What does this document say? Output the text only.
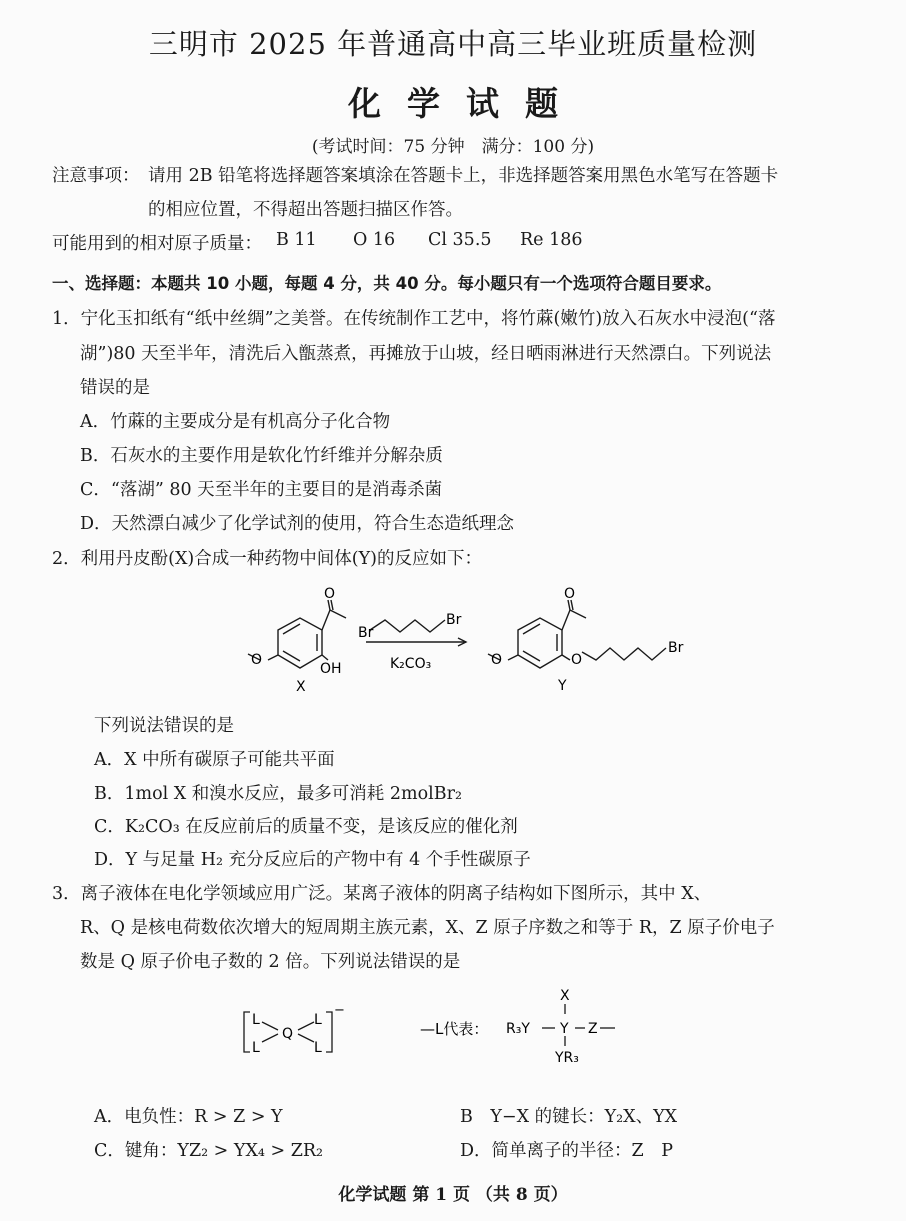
三明市 2025 年普通高中高三毕业班质量检测
化学试题
(考试时间：75 分钟　满分：100 分)
注意事项： 请用 2B 铅笔将选择题答案填涂在答题卡上，非选择题答案用黑色水笔写在答题卡
的相应位置，不得超出答题扫描区作答。
可能用到的相对原子质量： B 11 O 16 Cl 35.5 Re 186
一、选择题：本题共 10 小题，每题 4 分，共 40 分。每小题只有一个选项符合题目要求。
1．宁化玉扣纸有“纸中丝绸”之美誉。在传统制作工艺中，将竹蔴(嫩竹)放入石灰水中浸泡(“落
湖”)80 天至半年，清洗后入甑蒸煮，再摊放于山坡，经日晒雨淋进行天然漂白。下列说法
错误的是
A．竹蔴的主要成分是有机高分子化合物
B．石灰水的主要作用是软化竹纤维并分解杂质
C．“落湖” 80 天至半年的主要目的是消毒杀菌
D．天然漂白减少了化学试剂的使用，符合生态造纸理念
2．利用丹皮酚(X)合成一种药物中间体(Y)的反应如下：
O
O
OH
X
Br
Br
K₂CO₃
O
O	O
Br
Y
下列说法错误的是
A．X 中所有碳原子可能共平面
B．1mol X 和溴水反应，最多可消耗 2molBr₂
C．K₂CO₃ 在反应前后的质量不变，是该反应的催化剂
D．Y 与足量 H₂ 充分反应后的产物中有 4 个手性碳原子
3．离子液体在电化学领域应用广泛。某离子液体的阴离子结构如下图所示，其中 X、
R、Q 是核电荷数依次增大的短周期主族元素，X、Z 原子序数之和等于 R，Z 原子价电子
数是 Q 原子价电子数的 2 倍。下列说法错误的是
L
L
Q
L
L
−
—L代表： R₃Y Y Z
X
YR₃
A．电负性：R > Z > Y	B　Y−X 的键长：Y₂X、YX
C．键角：YZ₂ > YX₄ > ZR₂	D．简单离子的半径：Z　P
化学试题 第 1 页 （共 8 页）
